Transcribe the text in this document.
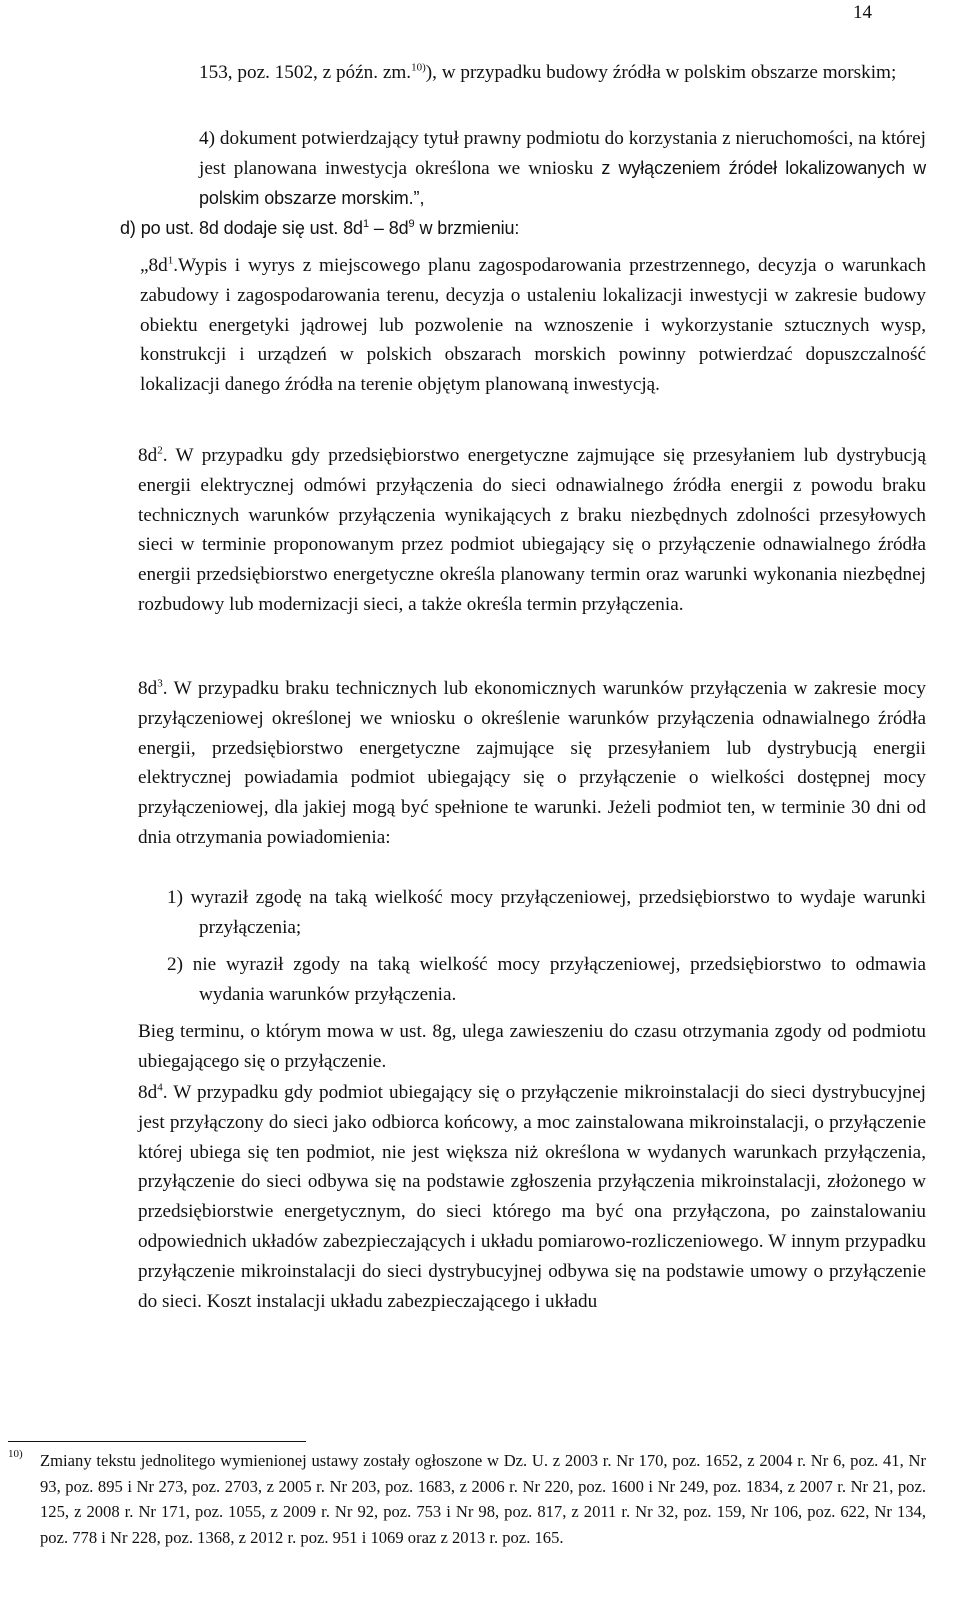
14
153, poz. 1502, z późn. zm.$^{10)}$), w przypadku budowy źródła w polskim obszarze morskim;
4) dokument potwierdzający tytuł prawny podmiotu do korzystania z nieruchomości, na której jest planowana inwestycja określona we wniosku z wyłączeniem źródeł lokalizowanych w polskim obszarze morskim.”,
d) po ust. 8d dodaje się ust. $8d^1 - 8d^9$ w brzmieniu:
$„8d^1.Wypis$ i wyrys z miejscowego planu zagospodarowania przestrzennego, decyzja o warunkach zabudowy i zagospodarowania terenu, decyzja o ustaleniu lokalizacji inwestycji w zakresie budowy obiektu energetyki jądrowej lub pozwolenie na wznoszenie i wykorzystanie sztucznych wysp, konstrukcji i urządzeń w polskich obszarach morskich powinny potwierdzać dopuszczalność lokalizacji danego źródła na terenie objętym planowaną inwestycją.
$8d^2$. W przypadku gdy przedsiębiorstwo energetyczne zajmujące się przesyłaniem lub dystrybucją energii elektrycznej odmówi przyłączenia do sieci odnawialnego źródła energii z powodu braku technicznych warunków przyłączenia wynikających z braku niezbędnych zdolności przesyłowych sieci w terminie proponowanym przez podmiot ubiegający się o przyłączenie odnawialnego źródła energii przedsiębiorstwo energetyczne określa planowany termin oraz warunki wykonania niezbędnej rozbudowy lub modernizacji sieci, a także określa termin przyłączenia.
$8d^3$. W przypadku braku technicznych lub ekonomicznych warunków przyłączenia w zakresie mocy przyłączeniowej określonej we wniosku o określenie warunków przyłączenia odnawialnego źródła energii, przedsiębiorstwo energetyczne zajmujące się przesyłaniem lub dystrybucją energii elektrycznej powiadamia podmiot ubiegający się o przyłączenie o wielkości dostępnej mocy przyłączeniowej, dla jakiej mogą być spełnione te warunki. Jeżeli podmiot ten, w terminie 30 dni od dnia otrzymania powiadomienia:
1) wyraził zgodę na taką wielkość mocy przyłączeniowej, przedsiębiorstwo to wydaje warunki przyłączenia;
2) nie wyraził zgody na taką wielkość mocy przyłączeniowej, przedsiębiorstwo to odmawia wydania warunków przyłączenia.
Bieg terminu, o którym mowa w ust. 8g, ulega zawieszeniu do czasu otrzymania zgody od podmiotu ubiegającego się o przyłączenie.
$8d^4$. W przypadku gdy podmiot ubiegający się o przyłączenie mikroinstalacji do sieci dystrybucyjnej jest przyłączony do sieci jako odbiorca końcowy, a moc zainstalowana mikroinstalacji, o przyłączenie której ubiega się ten podmiot, nie jest większa niż określona w wydanych warunkach przyłączenia, przyłączenie do sieci odbywa się na podstawie zgłoszenia przyłączenia mikroinstalacji, złożonego w przedsiębiorstwie energetycznym, do sieci którego ma być ona przyłączona, po zainstalowaniu odpowiednich układów zabezpieczających i układu pomiarowo-rozliczeniowego. W innym przypadku przyłączenie mikroinstalacji do sieci dystrybucyjnej odbywa się na podstawie umowy o przyłączenie do sieci. Koszt instalacji układu zabezpieczającego i układu
10)	Zmiany tekstu jednolitego wymienionej ustawy zostały ogłoszone w Dz. U. z 2003 r. Nr 170, poz. 1652, z 2004 r. Nr 6, poz. 41, Nr 93, poz. 895 i Nr 273, poz. 2703, z 2005 r. Nr 203, poz. 1683, z 2006 r. Nr 220, poz. 1600 i Nr 249, poz. 1834, z 2007 r. Nr 21, poz. 125, z 2008 r. Nr 171, poz. 1055, z 2009 r. Nr 92, poz. 753 i Nr 98, poz. 817, z 2011 r. Nr 32, poz. 159, Nr 106, poz. 622, Nr 134, poz. 778 i Nr 228, poz. 1368, z 2012 r. poz. 951 i 1069 oraz z 2013 r. poz. 165.
